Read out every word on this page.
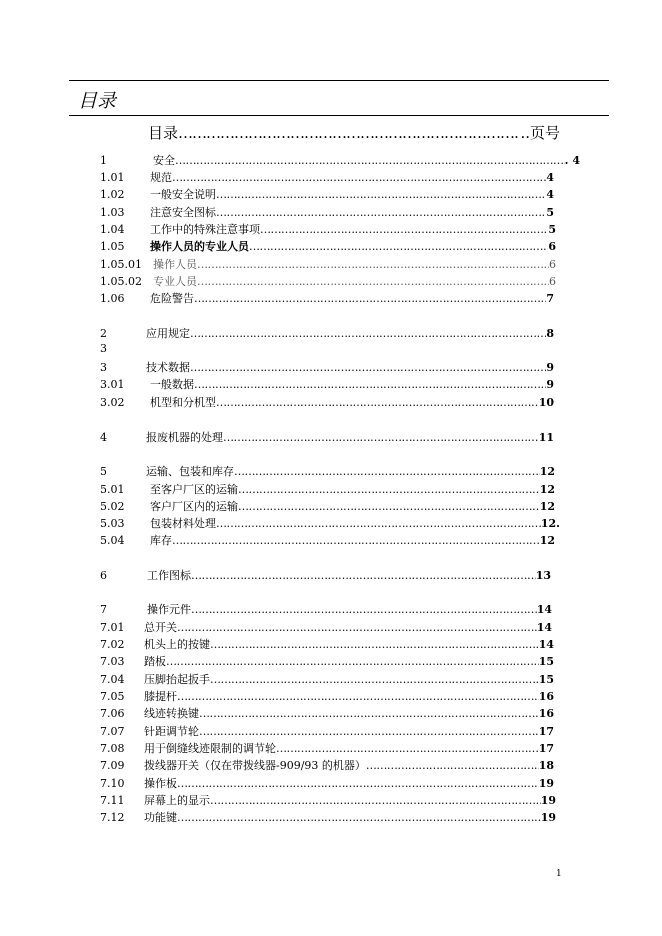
目录
目录 ……………………………………………………………………………………………………………………………	..页号
1	安全 ………………………………………………………………………………………………………………………………………………………………………………	. 4
1.01	规范 ………………………………………………………………………………………………………………………………………………………………………………	4
1.02	一般安全说明 ………………………………………………………………………………………………………………………………………………………………………………	4
1.03	注意安全图标 ………………………………………………………………………………………………………………………………………………………………………………	5
1.04	工作中的特殊注意事项 ………………………………………………………………………………………………………………………………………………………………………………	5
1.05	操作人员的专业人员 ………………………………………………………………………………………………………………………………………………………………………………	6
1.05.01	操作人员 ………………………………………………………………………………………………………………………………………………………………………………	6
1.05.02	专业人员 ………………………………………………………………………………………………………………………………………………………………………………	6
1.06	危险警告 ………………………………………………………………………………………………………………………………………………………………………………	7
2	应用规定 ………………………………………………………………………………………………………………………………………………………………………………	8
3
3	技术数据 ………………………………………………………………………………………………………………………………………………………………………………	9
3.01	一般数据 ………………………………………………………………………………………………………………………………………………………………………………	9
3.02	机型和分机型 ………………………………………………………………………………………………………………………………………………………………………………	10
4	报废机器的处理 ………………………………………………………………………………………………………………………………………………………………………………	11
5	运输、包装和库存 ………………………………………………………………………………………………………………………………………………………………………………	12
5.01	至客户厂区的运输 ………………………………………………………………………………………………………………………………………………………………………………	12
5.02	客户厂区内的运输 ………………………………………………………………………………………………………………………………………………………………………………	12
5.03	包装材料处理 ………………………………………………………………………………………………………………………………………………………………………………	12.
5.04	库存 ………………………………………………………………………………………………………………………………………………………………………………	12
6	工作图标 ………………………………………………………………………………………………………………………………………………………………………………	13
7	操作元件 ………………………………………………………………………………………………………………………………………………………………………………	14
7.01	总开关 ………………………………………………………………………………………………………………………………………………………………………………	14
7.02	机头上的按键 ………………………………………………………………………………………………………………………………………………………………………………	14
7.03	踏板 ………………………………………………………………………………………………………………………………………………………………………………	15
7.04	压脚抬起扳手 ………………………………………………………………………………………………………………………………………………………………………………	15
7.05	膝提杆 ………………………………………………………………………………………………………………………………………………………………………………	16
7.06	线迹转换键 ………………………………………………………………………………………………………………………………………………………………………………	16
7.07	针距调节轮 ………………………………………………………………………………………………………………………………………………………………………………	17
7.08	用于倒缝线迹限制的调节轮 ………………………………………………………………………………………………………………………………………………………………………………	17
7.09	拨线器开关（仅在带拨线器-909/93 的机器） ………………………………………………………………………………………………………………………………………………………………………………	18
7.10	操作板 ………………………………………………………………………………………………………………………………………………………………………………	19
7.11	屏幕上的显示 ………………………………………………………………………………………………………………………………………………………………………………	19
7.12	功能键 ………………………………………………………………………………………………………………………………………………………………………………	19
1
